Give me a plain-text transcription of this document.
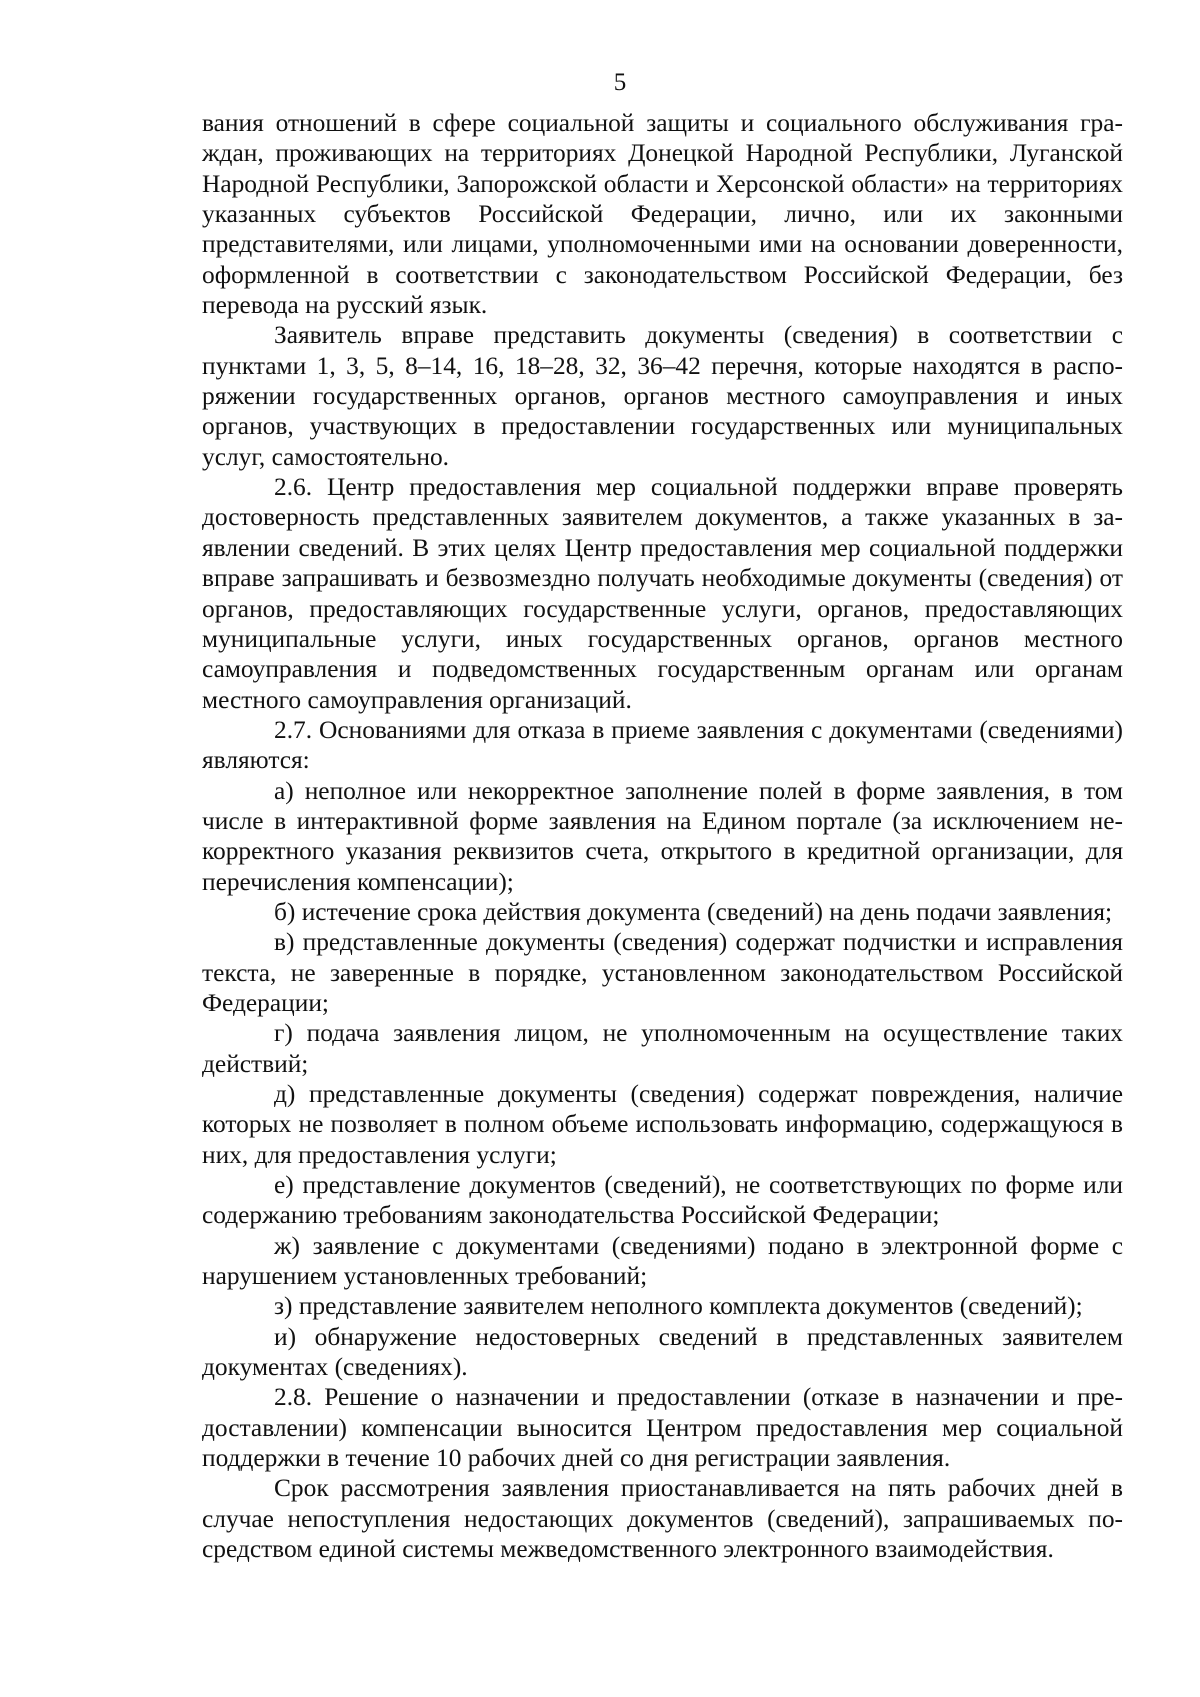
5

вания отношений в сфере социальной защиты и социального обслуживания граждан, проживающих на территориях Донецкой Народной Республики, Луганской Народной Республики, Запорожской области и Херсонской области» на территориях указанных субъектов Российской Федерации, лично, или их законными представителями, или лицами, уполномоченными ими на основании доверенности, оформленной в соответствии с законодательством Российской Федерации, без перевода на русский язык.

Заявитель вправе представить документы (сведения) в соответствии с пунктами 1, 3, 5, 8–14, 16, 18–28, 32, 36–42 перечня, которые находятся в распоряжении государственных органов, органов местного самоуправления и иных органов, участвующих в предоставлении государственных или муниципальных услуг, самостоятельно.

2.6. Центр предоставления мер социальной поддержки вправе проверять достоверность представленных заявителем документов, а также указанных в заявлении сведений. В этих целях Центр предоставления мер социальной поддержки вправе запрашивать и безвозмездно получать необходимые документы (сведения) от органов, предоставляющих государственные услуги, органов, предоставляющих муниципальные услуги, иных государственных органов, органов местного самоуправления и подведомственных государственным органам или органам местного самоуправления организаций.

2.7. Основаниями для отказа в приеме заявления с документами (сведениями) являются:

а) неполное или некорректное заполнение полей в форме заявления, в том числе в интерактивной форме заявления на Едином портале (за исключением некорректного указания реквизитов счета, открытого в кредитной организации, для перечисления компенсации);

б) истечение срока действия документа (сведений) на день подачи заявления;

в) представленные документы (сведения) содержат подчистки и исправления текста, не заверенные в порядке, установленном законодательством Российской Федерации;

г) подача заявления лицом, не уполномоченным на осуществление таких действий;

д) представленные документы (сведения) содержат повреждения, наличие которых не позволяет в полном объеме использовать информацию, содержащуюся в них, для предоставления услуги;

е) представление документов (сведений), не соответствующих по форме или содержанию требованиям законодательства Российской Федерации;

ж) заявление с документами (сведениями) подано в электронной форме с нарушением установленных требований;

з) представление заявителем неполного комплекта документов (сведений);

и) обнаружение недостоверных сведений в представленных заявителем документах (сведениях).

2.8. Решение о назначении и предоставлении (отказе в назначении и предоставлении) компенсации выносится Центром предоставления мер социальной поддержки в течение 10 рабочих дней со дня регистрации заявления.

Срок рассмотрения заявления приостанавливается на пять рабочих дней в случае непоступления недостающих документов (сведений), запрашиваемых посредством единой системы межведомственного электронного взаимодействия.
